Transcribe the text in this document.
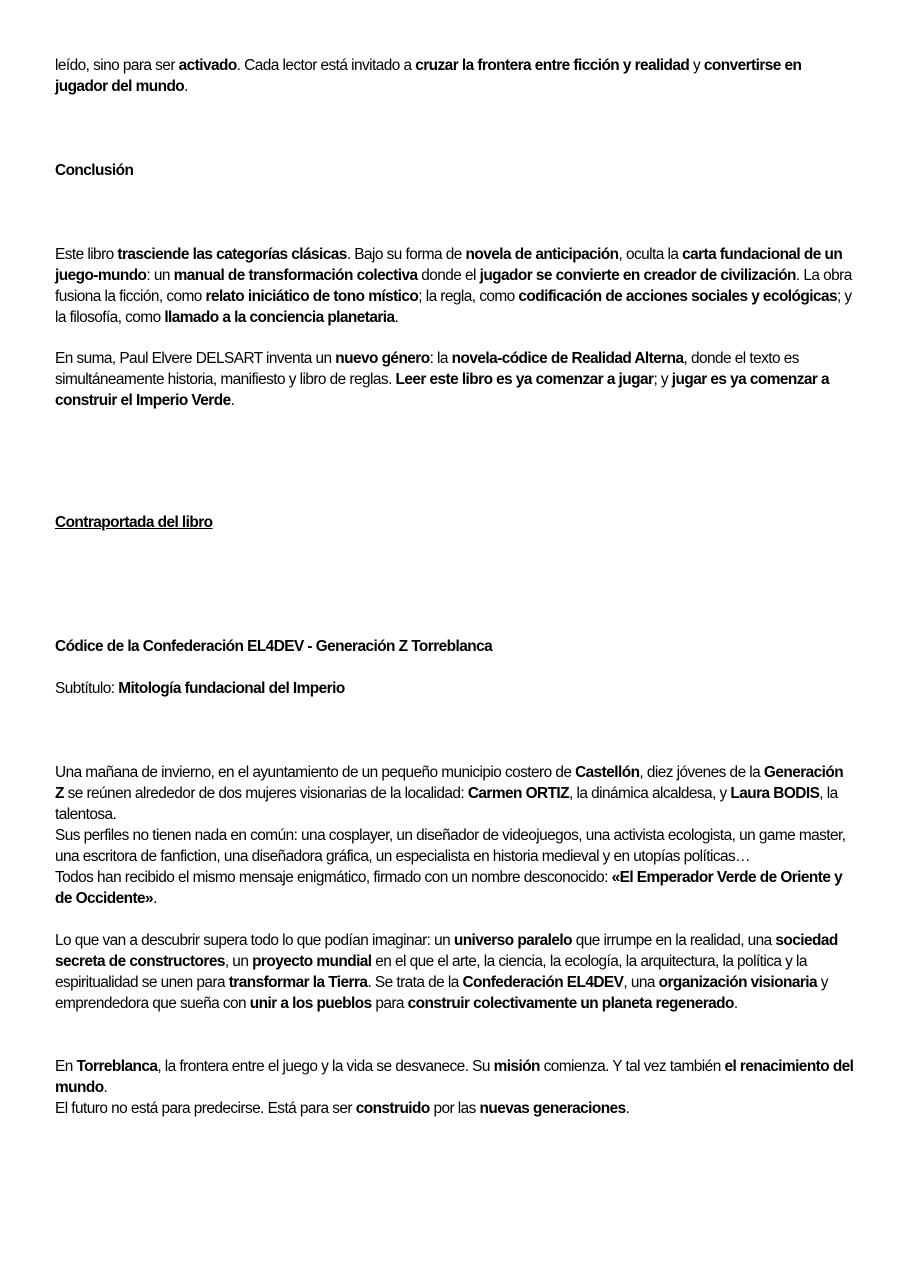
leído, sino para ser activado. Cada lector está invitado a cruzar la frontera entre ficción y realidad y convertirse en jugador del mundo.

Conclusión

Este libro trasciende las categorías clásicas. Bajo su forma de novela de anticipación, oculta la carta fundacional de un juego-mundo: un manual de transformación colectiva donde el jugador se convierte en creador de civilización. La obra fusiona la ficción, como relato iniciático de tono místico; la regla, como codificación de acciones sociales y ecológicas; y la filosofía, como llamado a la conciencia planetaria.

En suma, Paul Elvere DELSART inventa un nuevo género: la novela-códice de Realidad Alterna, donde el texto es simultáneamente historia, manifiesto y libro de reglas. Leer este libro es ya comenzar a jugar; y jugar es ya comenzar a construir el Imperio Verde.

Contraportada del libro

Códice de la Confederación EL4DEV - Generación Z Torreblanca

Subtítulo: Mitología fundacional del Imperio

Una mañana de invierno, en el ayuntamiento de un pequeño municipio costero de Castellón, diez jóvenes de la Generación Z se reúnen alrededor de dos mujeres visionarias de la localidad: Carmen ORTIZ, la dinámica alcaldesa, y Laura BODIS, la talentosa.
Sus perfiles no tienen nada en común: una cosplayer, un diseñador de videojuegos, una activista ecologista, un game master, una escritora de fanfiction, una diseñadora gráfica, un especialista en historia medieval y en utopías políticas…
Todos han recibido el mismo mensaje enigmático, firmado con un nombre desconocido: «El Emperador Verde de Oriente y de Occidente».

Lo que van a descubrir supera todo lo que podían imaginar: un universo paralelo que irrumpe en la realidad, una sociedad secreta de constructores, un proyecto mundial en el que el arte, la ciencia, la ecología, la arquitectura, la política y la espiritualidad se unen para transformar la Tierra. Se trata de la Confederación EL4DEV, una organización visionaria y emprendedora que sueña con unir a los pueblos para construir colectivamente un planeta regenerado.

En Torreblanca, la frontera entre el juego y la vida se desvanece. Su misión comienza. Y tal vez también el renacimiento del mundo.
El futuro no está para predecirse. Está para ser construido por las nuevas generaciones.
